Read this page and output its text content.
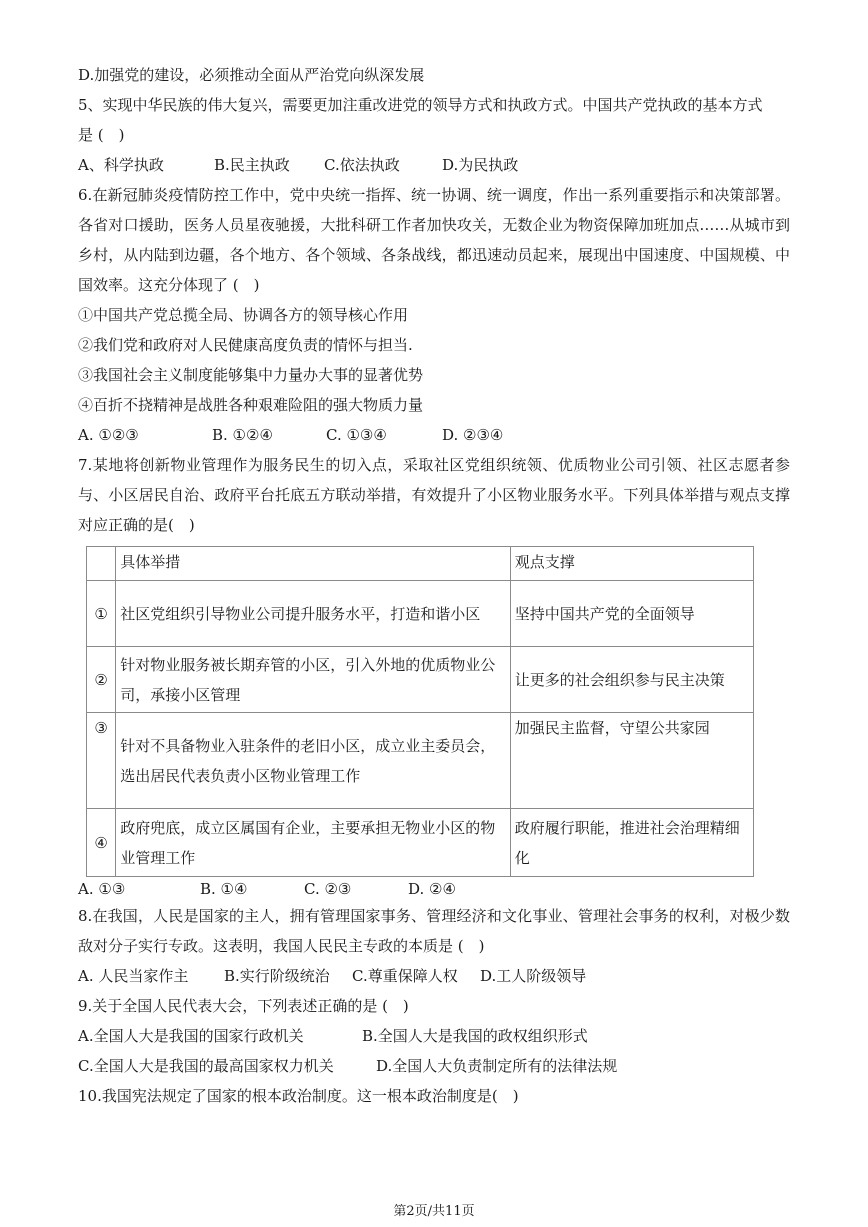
D.加强党的建设，必须推动全面从严治党向纵深发展
5、实现中华民族的伟大复兴，需要更加注重改进党的领导方式和执政方式。中国共产党执政的基本方式
是 (　)
A、科学执政	B.民主执政 C.依法执政	D.为民执政
6.在新冠肺炎疫情防控工作中，党中央统一指挥、统一协调、统一调度，作出一系列重要指示和决策部署。各省对口援助，医务人员星夜驰援，大批科研工作者加快攻关，无数企业为物资保障加班加点……从城市到乡村，从内陆到边疆，各个地方、各个领域、各条战线，都迅速动员起来，展现出中国速度、中国规模、中国效率。这充分体现了 (　)
①中国共产党总揽全局、协调各方的领导核心作用
②我们党和政府对人民健康高度负责的情怀与担当.
③我国社会主义制度能够集中力量办大事的显著优势
④百折不挠精神是战胜各种艰难险阻的强大物质力量
A. ①②③	B. ①②④	C. ①③④	D. ②③④
7.某地将创新物业管理作为服务民生的切入点，采取社区党组织统领、优质物业公司引领、社区志愿者参与、小区居民自治、政府平台托底五方联动举措，有效提升了小区物业服务水平。下列具体举措与观点支撑对应正确的是(　)
	具体举措	观点支撑
①	社区党组织引导物业公司提升服务水平，打造和谐小区	坚持中国共产党的全面领导
②	针对物业服务被长期弃管的小区，引入外地的优质物业公司，承接小区管理	让更多的社会组织参与民主决策
③	针对不具备物业入驻条件的老旧小区，成立业主委员会，选出居民代表负责小区物业管理工作	加强民主监督，守望公共家园
④	政府兜底，成立区属国有企业，主要承担无物业小区的物业管理工作	政府履行职能，推进社会治理精细化
A. ①③	B. ①④	C. ②③	D. ②④
8.在我国，人民是国家的主人，拥有管理国家事务、管理经济和文化事业、管理社会事务的权利，对极少数敌对分子实行专政。这表明，我国人民民主专政的本质是 (　)
A. 人民当家作主 B.实行阶级统治 C.尊重保障人权 D.工人阶级领导
9.关于全国人民代表大会，下列表述正确的是 (　)
A.全国人大是我国的国家行政机关	B.全国人大是我国的政权组织形式
C.全国人大是我国的最高国家权力机关	D.全国人大负责制定所有的法律法规
10.我国宪法规定了国家的根本政治制度。这一根本政治制度是(　)
第2页/共11页
